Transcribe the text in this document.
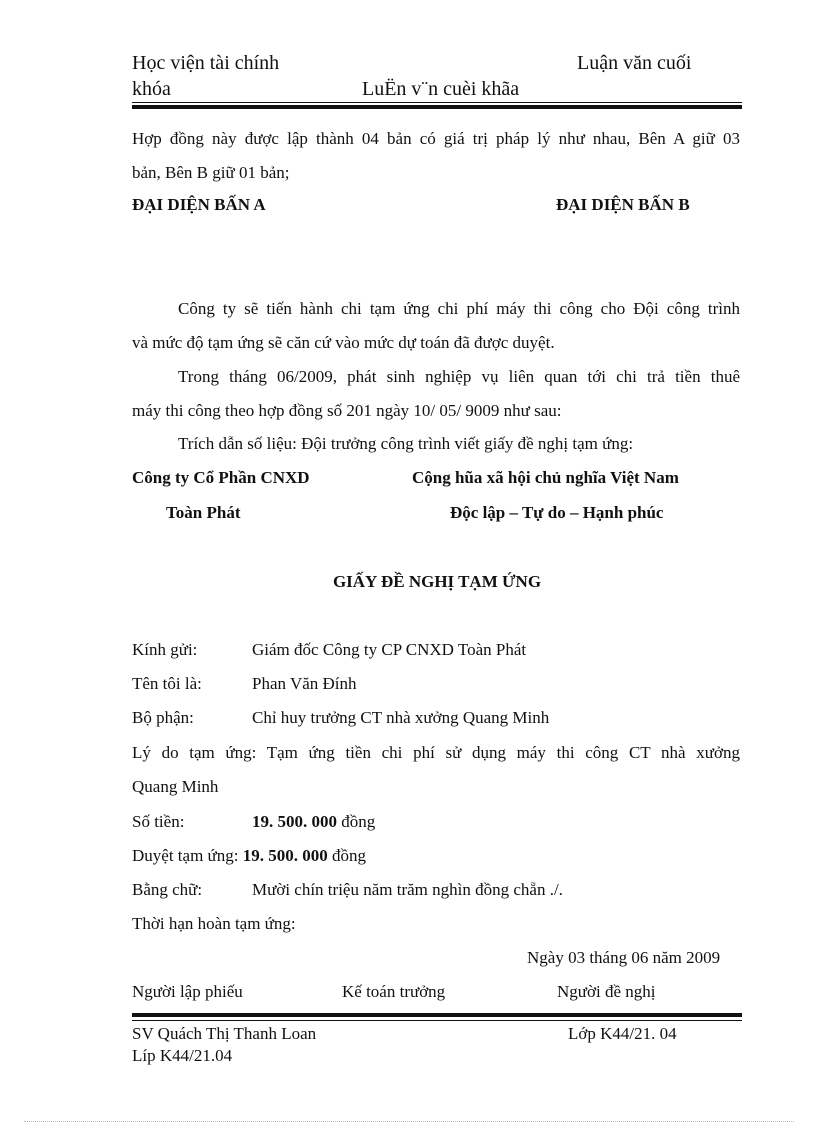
Học viện tài chính	Luận văn cuối
khóa	LuËn v¨n cuèi khãa
Hợp đồng này được lập thành 04 bản có giá trị pháp lý như nhau, Bên A giữ 03
bản, Bên B giữ 01 bản;
ĐẠI DIỆN BẤN A	ĐẠI DIỆN BẤN B
Công ty sẽ tiến hành chi tạm ứng chi phí máy thi công cho Đội công trình
và mức độ tạm ứng sẽ căn cứ vào mức dự toán đã được duyệt.
Trong tháng 06/2009, phát sinh nghiệp vụ liên quan tới chi trả tiền thuê
máy thi công theo hợp đồng số 201 ngày 10/ 05/ 9009 như sau:
Trích dẫn số liệu: Đội trưởng công trình viết giấy đề nghị tạm ứng:
Công ty Cổ Phần CNXD	Cộng hũa xã hội chủ nghĩa Việt Nam
Toàn Phát	Độc lập – Tự do – Hạnh phúc
GIẤY ĐỀ NGHỊ TẠM ỨNG
Kính gửi:	Giám đốc Công ty CP CNXD Toàn Phát
Tên tôi là:	Phan Văn Đính
Bộ phận:	Chỉ huy trưởng CT nhà xưởng Quang Minh
Lý do tạm ứng: Tạm ứng tiền chi phí sử dụng máy thi công CT nhà xưởng
Quang Minh
Số tiền:	19. 500. 000 đồng
Duyệt tạm ứng: 19. 500. 000 đồng
Bằng chữ:	Mười chín triệu năm trăm nghìn đồng chẵn ./.
Thời hạn hoàn tạm ứng:
Ngày 03 tháng 06 năm 2009
Người lập phiếu	Kế toán trưởng	Người đề nghị
SV Quách Thị Thanh Loan	Lớp K44/21. 04
Líp K44/21.04
